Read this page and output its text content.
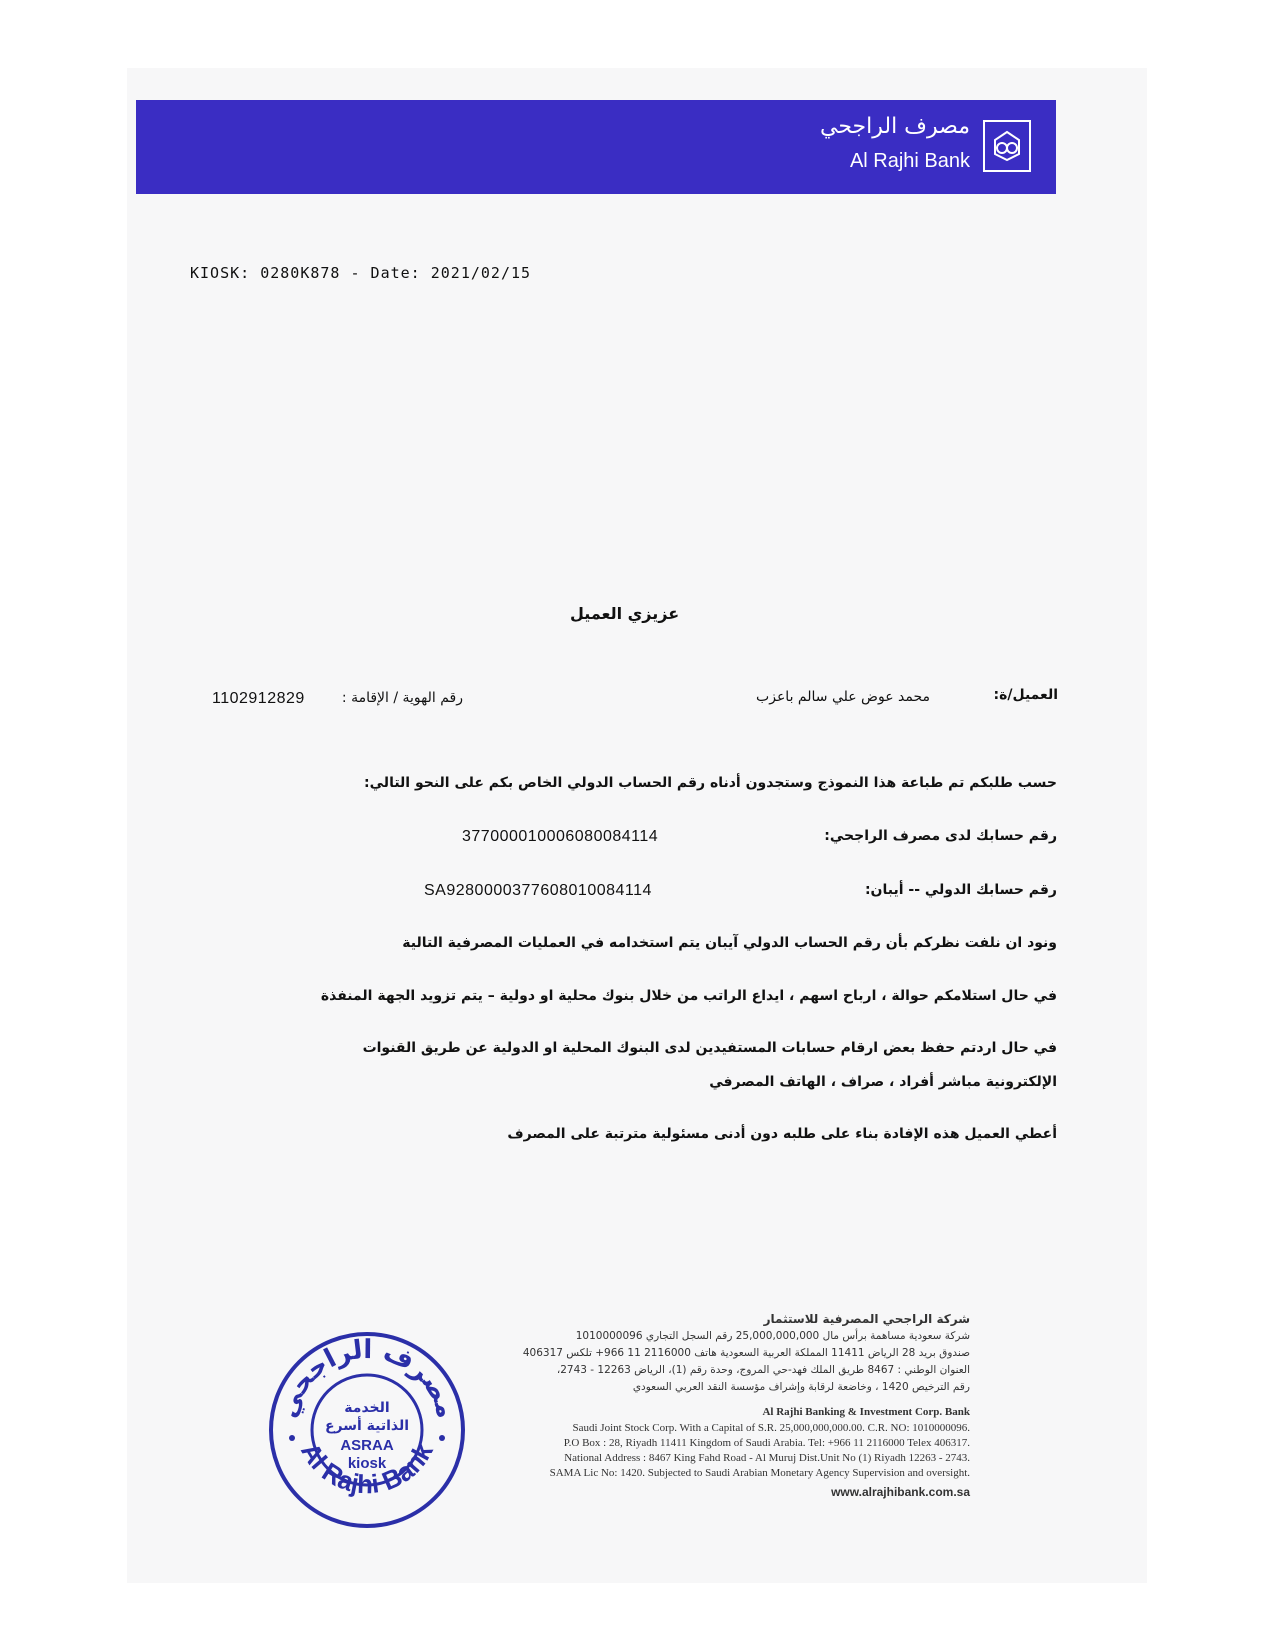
مصرف الراجحي
Al Rajhi Bank
KIOSK: 0280K878 - Date: 2021/02/15
عزيزي العميل
العميل/ة:
محمد عوض علي سالم باعزب
رقم الهوية / الإقامة :
1102912829
حسب طلبكم تم طباعة هذا النموذج وستجدون أدناه رقم الحساب الدولي الخاص بكم على النحو التالي:
رقم حسابك لدى مصرف الراجحي:
377000010006080084114
رقم حسابك الدولي -- أيبان:
SA9280000377608010084114
ونود ان نلفت نظركم بأن رقم الحساب الدولي آيبان يتم استخدامه في العمليات المصرفية التالية
في حال استلامكم حوالة ، ارباح اسهم ، ايداع الراتب من خلال بنوك محلية او دولية – يتم تزويد الجهة المنفذة
في حال اردتم حفظ بعض ارقام حسابات المستفيدين لدى البنوك المحلية او الدولية عن طريق القنوات
الإلكترونية مباشر أفراد ، صراف ، الهاتف المصرفي
أعطي العميل هذه الإفادة بناء على طلبه دون أدنى مسئولية مترتبة على المصرف
شركة الراجحي المصرفية للاستثمار
شركة سعودية مساهمة برأس مال 25,000,000,000 رقم السجل التجاري 1010000096
صندوق بريد 28 الرياض 11411 المملكة العربية السعودية هاتف 2116000 11 966+ تلكس 406317
العنوان الوطني : 8467 طريق الملك فهد-حي المروج، وحدة رقم (1)، الرياض 12263 - 2743،
رقم الترخيص 1420 ، وخاضعة لرقابة وإشراف مؤسسة النقد العربي السعودي
Al Rajhi Banking & Investment Corp. Bank
Saudi Joint Stock Corp. With a Capital of S.R. 25,000,000,000.00. C.R. NO: 1010000096.
P.O Box : 28, Riyadh 11411 Kingdom of Saudi Arabia. Tel: +966 11 2116000 Telex 406317.
National Address : 8467 King Fahd Road - Al Muruj Dist.Unit No (1) Riyadh 12263 - 2743.
SAMA Lic No: 1420. Subjected to Saudi Arabian Monetary Agency Supervision and oversight.
www.alrajhibank.com.sa
مصرف الراجحي
Al Rajhi Bank
الخدمة
الذاتية أسرع
ASRAA
kiosk
